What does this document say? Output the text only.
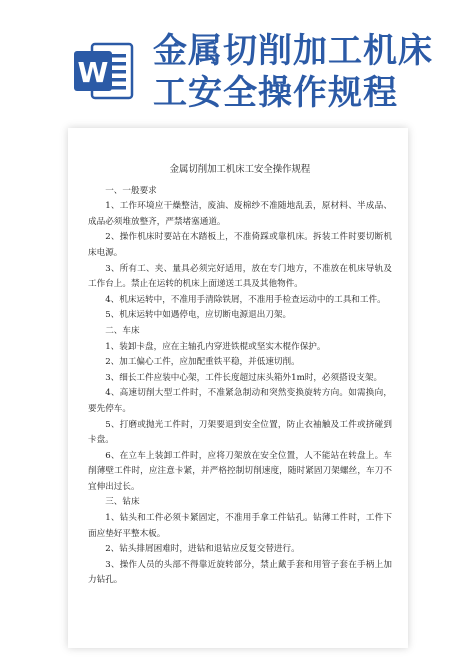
W
金属切削加工机床
工安全操作规程
金属切削加工机床工安全操作规程
一、一般要求

1、工作环境应干燥整洁，废油、废棉纱不准随地乱丢，原材料、半成品、成品必须堆放整齐，严禁堵塞通道。

2、操作机床时要站在木踏板上，不准倚踩或靠机床。拆装工件时要切断机床电源。

3、所有工、夹、量具必须完好适用，放在专门地方，不准放在机床导轨及工作台上。禁止在运转的机床上面递送工具及其他物件。

4、机床运转中，不准用手清除铁屑，不准用手检查运动中的工具和工件。

5、机床运转中如遇停电，应切断电源退出刀架。

二、车床

1、装卸卡盘，应在主轴孔内穿进铁棍或坚实木棍作保护。

2、加工偏心工件，应加配重铁平稳，并低速切削。

3、细长工件应装中心架，工件长度超过床头箱外1m时，必须搭设支架。

4、高速切削大型工件时，不准紧急制动和突然变换旋转方向。如需换向，要先停车。

5、打磨或抛光工件时，刀架要退到安全位置，防止衣袖触及工件或挤碰到卡盘。

6、在立车上装卸工件时，应将刀架放在安全位置，人不能站在转盘上。车削薄壁工件时，应注意卡紧，并严格控制切削速度，随时紧固刀架螺丝，车刀不宜伸出过长。

三、钻床

1、钻头和工件必须卡紧固定，不准用手拿工件钻孔。钻薄工件时，工件下面应垫好平整木板。

2、钻头排屑困难时，进钻和退钻应反复交替进行。

3、操作人员的头部不得靠近旋转部分，禁止戴手套和用管子套在手柄上加力钻孔。
